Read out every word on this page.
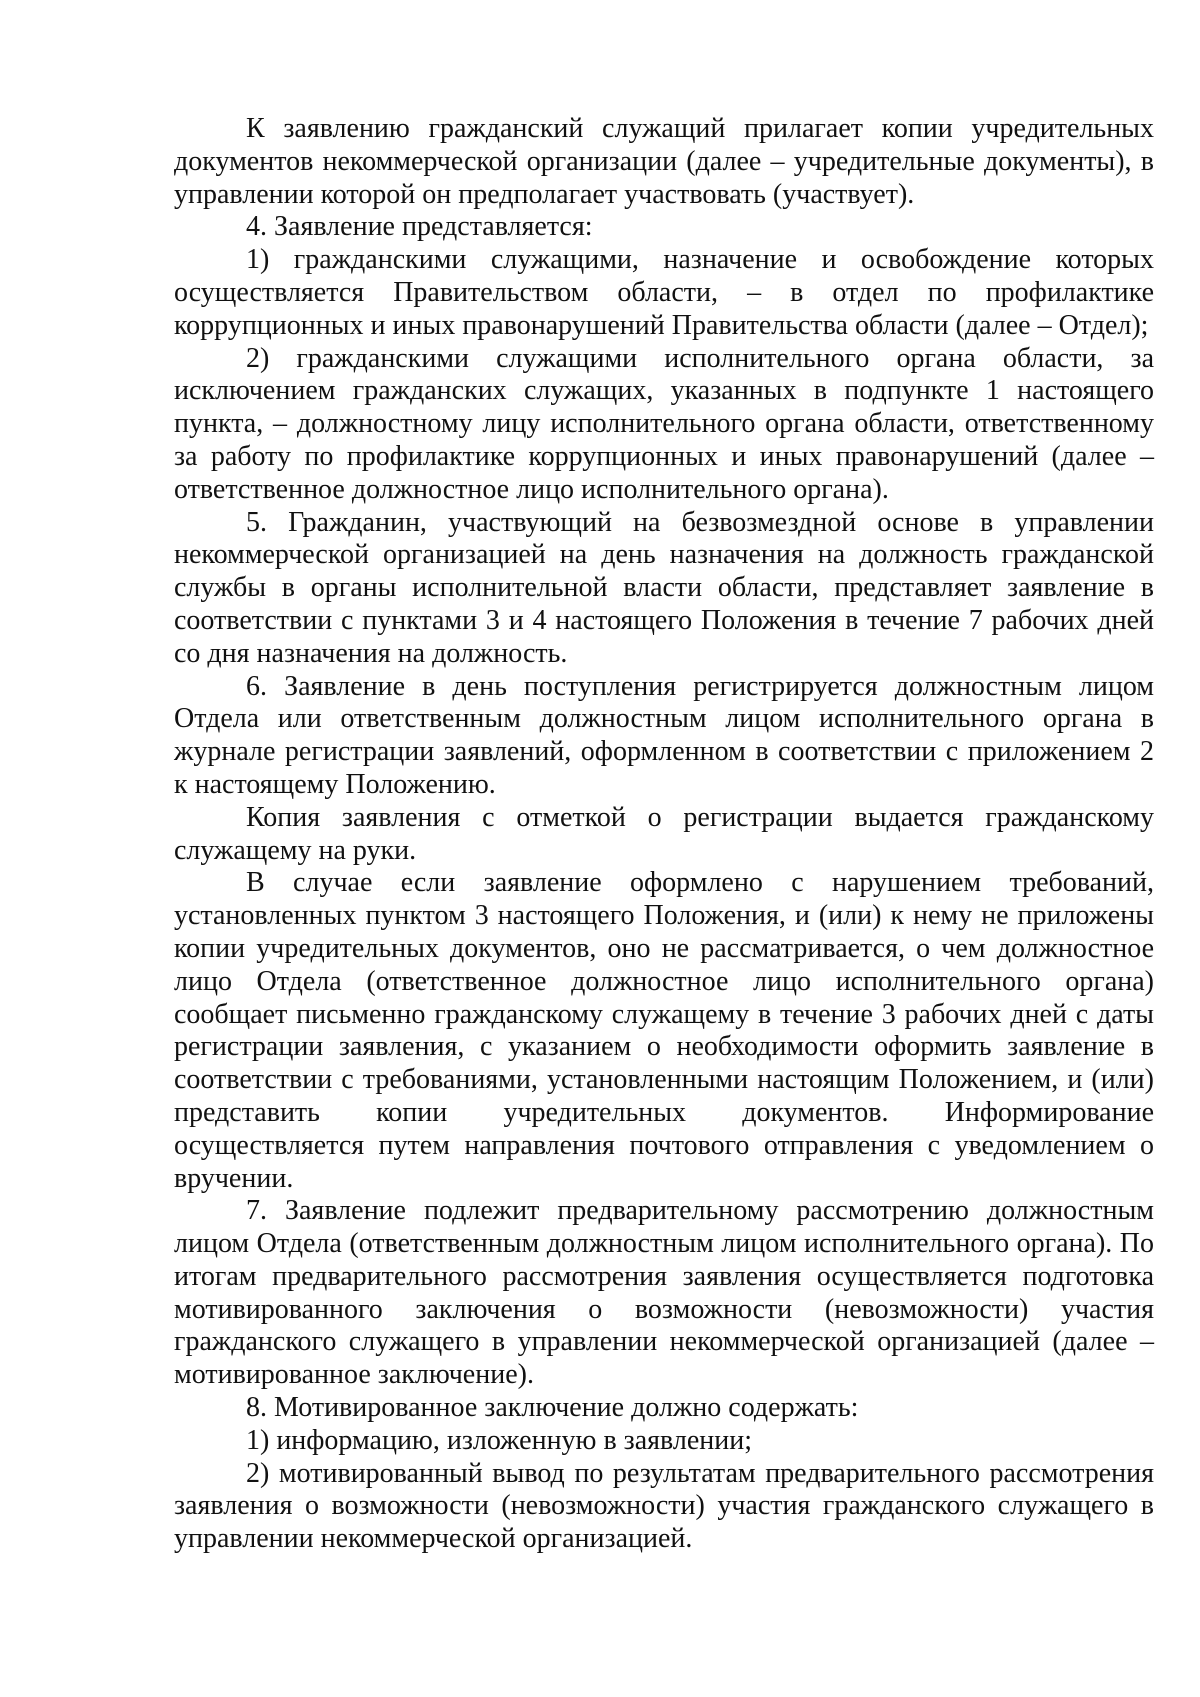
К заявлению гражданский служащий прилагает копии учредительных документов некоммерческой организации (далее – учредительные документы), в управлении которой он предполагает участвовать (участвует).

4. Заявление представляется:

1) гражданскими служащими, назначение и освобождение которых осуществляется Правительством области, – в отдел по профилактике коррупционных и иных правонарушений Правительства области (далее – Отдел);

2) гражданскими служащими исполнительного органа области, за исключением гражданских служащих, указанных в подпункте 1 настоящего пункта, – должностному лицу исполнительного органа области, ответственному за работу по профилактике коррупционных и иных правонарушений (далее – ответственное должностное лицо исполнительного органа).

5. Гражданин, участвующий на безвозмездной основе в управлении некоммерческой организацией на день назначения на должность гражданской службы в органы исполнительной власти области, представляет заявление в соответствии с пунктами 3 и 4 настоящего Положения в течение 7 рабочих дней со дня назначения на должность.

6. Заявление в день поступления регистрируется должностным лицом Отдела или ответственным должностным лицом исполнительного органа в журнале регистрации заявлений, оформленном в соответствии с приложением 2 к настоящему Положению.

Копия заявления с отметкой о регистрации выдается гражданскому служащему на руки.

В случае если заявление оформлено с нарушением требований, установленных пунктом 3 настоящего Положения, и (или) к нему не приложены копии учредительных документов, оно не рассматривается, о чем должностное лицо Отдела (ответственное должностное лицо исполнительного органа) сообщает письменно гражданскому служащему в течение 3 рабочих дней с даты регистрации заявления, с указанием о необходимости оформить заявление в соответствии с требованиями, установленными настоящим Положением, и (или) представить копии учредительных документов. Информирование осуществляется путем направления почтового отправления с уведомлением о вручении.

7. Заявление подлежит предварительному рассмотрению должностным лицом Отдела (ответственным должностным лицом исполнительного органа). По итогам предварительного рассмотрения заявления осуществляется подготовка мотивированного заключения о возможности (невозможности) участия гражданского служащего в управлении некоммерческой организацией (далее – мотивированное заключение).

8. Мотивированное заключение должно содержать:

1) информацию, изложенную в заявлении;

2) мотивированный вывод по результатам предварительного рассмотрения заявления о возможности (невозможности) участия гражданского служащего в управлении некоммерческой организацией.
